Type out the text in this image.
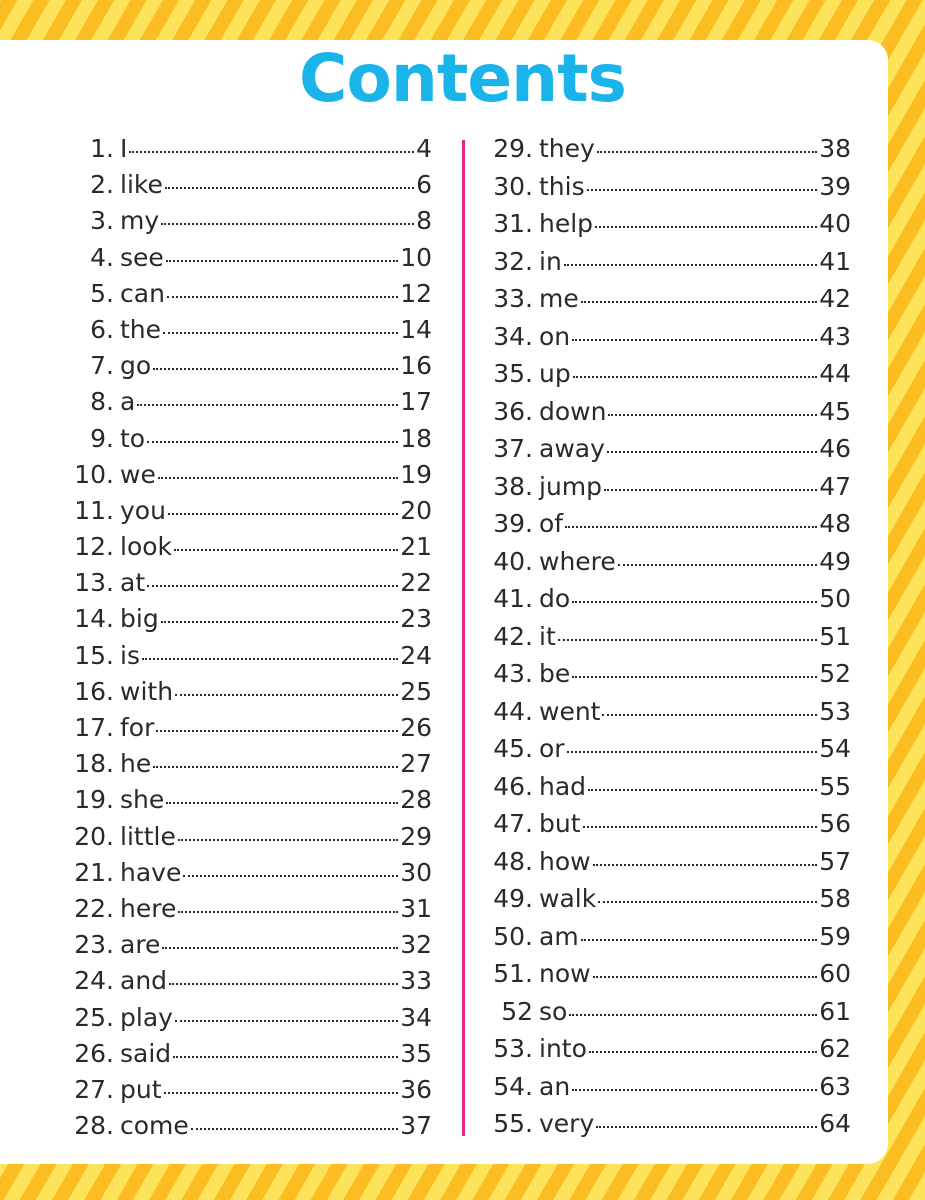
Contents
1. I	4
2. like	6
3. my	8
4. see	10
5. can	12
6. the	14
7. go	16
8. a	17
9. to	18
10. we	19
11. you	20
12. look	21
13. at	22
14. big	23
15. is	24
16. with	25
17. for	26
18. he	27
19. she	28
20. little	29
21. have	30
22. here	31
23. are	32
24. and	33
25. play	34
26. said	35
27. put	36
28. come	37
29. they	38
30. this	39
31. help	40
32. in	41
33. me	42
34. on	43
35. up	44
36. down	45
37. away	46
38. jump	47
39. of	48
40. where	49
41. do	50
42. it	51
43. be	52
44. went	53
45. or	54
46. had	55
47. but	56
48. how	57
49. walk	58
50. am	59
51. now	60
52 so	61
53. into	62
54. an	63
55. very	64
